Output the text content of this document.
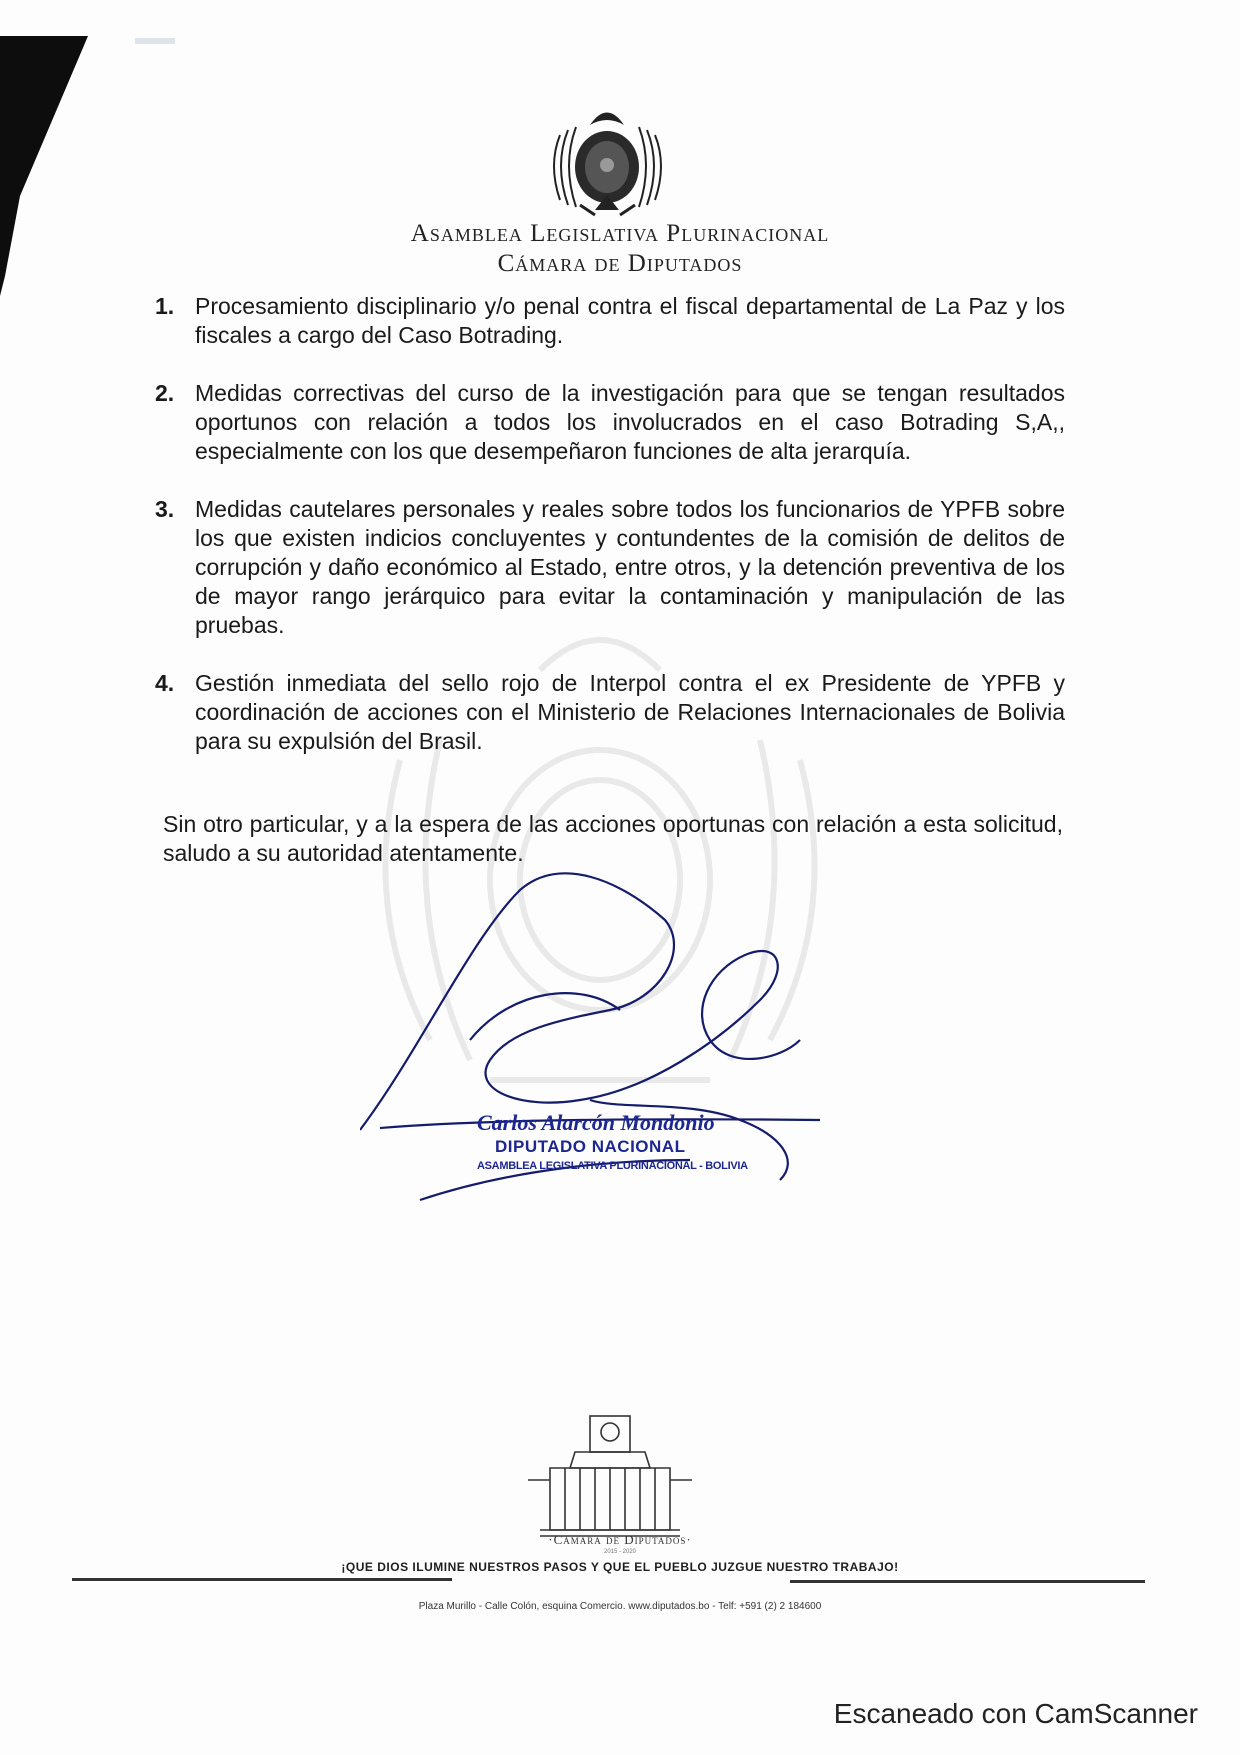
Asamblea Legislativa Plurinacional
Cámara de Diputados
1. Procesamiento disciplinario y/o penal contra el fiscal departamental de La Paz y los fiscales a cargo del Caso Botrading.
2. Medidas correctivas del curso de la investigación para que se tengan resultados oportunos con relación a todos los involucrados en el caso Botrading S,A,, especialmente con los que desempeñaron funciones de alta jerarquía.
3. Medidas cautelares personales y reales sobre todos los funcionarios de YPFB sobre los que existen indicios concluyentes y contundentes de la comisión de delitos de corrupción y daño económico al Estado, entre otros, y la detención preventiva de los de mayor rango jerárquico para evitar la contaminación y manipulación de las pruebas.
4. Gestión inmediata del sello rojo de Interpol contra el ex Presidente de YPFB y coordinación de acciones con el Ministerio de Relaciones Internacionales de Bolivia para su expulsión del Brasil.
Sin otro particular, y a la espera de las acciones oportunas con relación a esta solicitud, saludo a su autoridad atentamente.
Carlos Alarcón Mondonio
DIPUTADO NACIONAL
ASAMBLEA LEGISLATIVA PLURINACIONAL - BOLIVIA
·Cámara de Diputados·
2015 - 2020
¡QUE DIOS ILUMINE NUESTROS PASOS Y QUE EL PUEBLO JUZGUE NUESTRO TRABAJO!
Plaza Murillo - Calle Colón, esquina Comercio. www.diputados.bo - Telf: +591 (2) 2 184600
Escaneado con CamScanner
